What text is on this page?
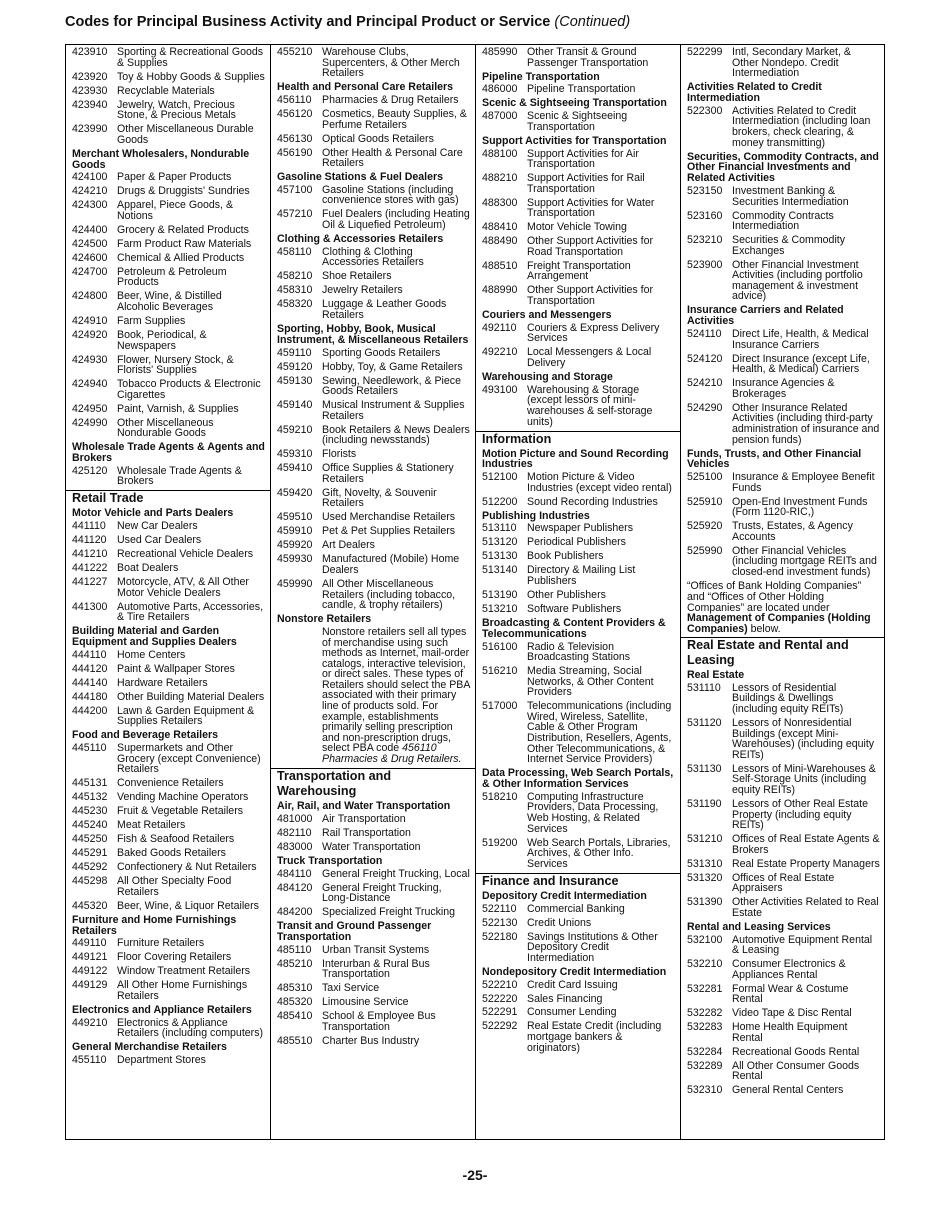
Codes for Principal Business Activity and Principal Product or Service (Continued)
423910 Sporting & Recreational Goods & Supplies
423920 Toy & Hobby Goods & Supplies
423930 Recyclable Materials
423940 Jewelry, Watch, Precious Stone, & Precious Metals
423990 Other Miscellaneous Durable Goods
Merchant Wholesalers, Nondurable Goods
424100 Paper & Paper Products
424210 Drugs & Druggists' Sundries
424300 Apparel, Piece Goods, & Notions
424400 Grocery & Related Products
424500 Farm Product Raw Materials
424600 Chemical & Allied Products
424700 Petroleum & Petroleum Products
424800 Beer, Wine, & Distilled Alcoholic Beverages
424910 Farm Supplies
424920 Book, Periodical, & Newspapers
424930 Flower, Nursery Stock, & Florists' Supplies
424940 Tobacco Products & Electronic Cigarettes
424950 Paint, Varnish, & Supplies
424990 Other Miscellaneous Nondurable Goods
Wholesale Trade Agents & Agents and Brokers
425120 Wholesale Trade Agents & Brokers
Retail Trade
Motor Vehicle and Parts Dealers
441110	New Car Dealers
441120 Used Car Dealers
441210 Recreational Vehicle Dealers
441222 Boat Dealers
441227 Motorcycle, ATV, & All Other Motor Vehicle Dealers
441300 Automotive Parts, Accessories, & Tire Retailers
Building Material and Garden Equipment and Supplies Dealers
444110 Home Centers
444120 Paint & Wallpaper Stores
444140 Hardware Retailers
444180 Other Building Material Dealers
444200 Lawn & Garden Equipment & Supplies Retailers
Food and Beverage Retailers
445110 Supermarkets and Other Grocery (except Convenience) Retailers
445131 Convenience Retailers
445132 Vending Machine Operators
445230 Fruit & Vegetable Retailers
445240 Meat Retailers
445250 Fish & Seafood Retailers
445291 Baked Goods Retailers
445292 Confectionery & Nut Retailers
445298 All Other Specialty Food Retailers
445320 Beer, Wine, & Liquor Retailers
Furniture and Home Furnishings Retailers
449110 Furniture Retailers
449121 Floor Covering Retailers
449122 Window Treatment Retailers
449129 All Other Home Furnishings Retailers
Electronics and Appliance Retailers
449210 Electronics & Appliance Retailers (including computers)
General Merchandise Retailers
455110 Department Stores
455210 Warehouse Clubs, Supercenters, & Other Merch Retailers
Health and Personal Care Retailers
456110 Pharmacies & Drug Retailers
456120 Cosmetics, Beauty Supplies, & Perfume Retailers
456130 Optical Goods Retailers
456190 Other Health & Personal Care Retailers
Gasoline Stations & Fuel Dealers
457100 Gasoline Stations (including convenience stores with gas)
457210 Fuel Dealers (including Heating Oil & Liquefied Petroleum)
Clothing & Accessories Retailers
458110 Clothing & Clothing Accessories Retailers
458210 Shoe Retailers
458310 Jewelry Retailers
458320 Luggage & Leather Goods Retailers
Sporting, Hobby, Book, Musical Instrument, & Miscellaneous Retailers
459110 Sporting Goods Retailers
459120 Hobby, Toy, & Game Retailers
459130 Sewing, Needlework, & Piece Goods Retailers
459140 Musical Instrument & Supplies Retailers
459210 Book Retailers & News Dealers (including newsstands)
459310 Florists
459410 Office Supplies & Stationery Retailers
459420 Gift, Novelty, & Souvenir Retailers
459510 Used Merchandise Retailers
459910 Pet & Pet Supplies Retailers
459920 Art Dealers
459930 Manufactured (Mobile) Home Dealers
459990 All Other Miscellaneous Retailers (including tobacco, candle, & trophy retailers)
Nonstore Retailers
Nonstore retailers sell all types of merchandise using such methods as Internet, mail-order catalogs, interactive television, or direct sales. These types of Retailers should select the PBA associated with their primary line of products sold. For example, establishments primarily selling prescription and non-prescription drugs, select PBA code 456110 Pharmacies & Drug Retailers.
Transportation and Warehousing
Air, Rail, and Water Transportation
481000 Air Transportation
482110 Rail Transportation
483000 Water Transportation
Truck Transportation
484110 General Freight Trucking, Local
484120 General Freight Trucking, Long-Distance
484200 Specialized Freight Trucking
Transit and Ground Passenger Transportation
485110 Urban Transit Systems
485210 Interurban & Rural Bus Transportation
485310 Taxi Service
485320 Limousine Service
485410 School & Employee Bus Transportation
485510 Charter Bus Industry
485990 Other Transit & Ground Passenger Transportation
Pipeline Transportation
486000 Pipeline Transportation
Scenic & Sightseeing Transportation
487000 Scenic & Sightseeing Transportation
Support Activities for Transportation
488100 Support Activities for Air Transportation
488210 Support Activities for Rail Transportation
488300 Support Activities for Water Transportation
488410 Motor Vehicle Towing
488490 Other Support Activities for Road Transportation
488510 Freight Transportation Arrangement
488990 Other Support Activities for Transportation
Couriers and Messengers
492110 Couriers & Express Delivery Services
492210 Local Messengers & Local Delivery
Warehousing and Storage
493100 Warehousing & Storage (except lessors of mini-warehouses & self-storage units)
Information
Motion Picture and Sound Recording Industries
512100 Motion Picture & Video Industries (except video rental)
512200 Sound Recording Industries
Publishing Industries
513110 Newspaper Publishers
513120 Periodical Publishers
513130 Book Publishers
513140 Directory & Mailing List Publishers
513190 Other Publishers
513210 Software Publishers
Broadcasting & Content Providers & Telecommunications
516100 Radio & Television Broadcasting Stations
516210 Media Streaming, Social Networks, & Other Content Providers
517000 Telecommunications (including Wired, Wireless, Satellite, Cable & Other Program Distribution, Resellers, Agents, Other Telecommunications, & Internet Service Providers)
Data Processing, Web Search Portals, & Other Information Services
518210 Computing Infrastructure Providers, Data Processing, Web Hosting, & Related Services
519200 Web Search Portals, Libraries, Archives, & Other Info. Services
Finance and Insurance
Depository Credit Intermediation
522110 Commercial Banking
522130 Credit Unions
522180 Savings Institutions & Other Depository Credit Intermediation
Nondepository Credit Intermediation
522210 Credit Card Issuing
522220 Sales Financing
522291 Consumer Lending
522292 Real Estate Credit (including mortgage bankers & originators)
522299 Intl, Secondary Market, & Other Nondepo. Credit Intermediation
Activities Related to Credit Intermediation
522300 Activities Related to Credit Intermediation (including loan brokers, check clearing, & money transmitting)
Securities, Commodity Contracts, and Other Financial Investments and Related Activities
523150 Investment Banking & Securities Intermediation
523160 Commodity Contracts Intermediation
523210 Securities & Commodity Exchanges
523900 Other Financial Investment Activities (including portfolio management & investment advice)
Insurance Carriers and Related Activities
524110 Direct Life, Health, & Medical Insurance Carriers
524120 Direct Insurance (except Life, Health, & Medical) Carriers
524210 Insurance Agencies & Brokerages
524290 Other Insurance Related Activities (including third-party administration of insurance and pension funds)
Funds, Trusts, and Other Financial Vehicles
525100 Insurance & Employee Benefit Funds
525910 Open-End Investment Funds (Form 1120-RIC,)
525920 Trusts, Estates, & Agency Accounts
525990 Other Financial Vehicles (including mortgage REITs and closed-end investment funds)
“Offices of Bank Holding Companies” and “Offices of Other Holding Companies” are located under Management of Companies (Holding Companies) below.
Real Estate and Rental and Leasing
Real Estate
531110	Lessors of Residential Buildings & Dwellings (including equity REITs)
531120 Lessors of Nonresidential Buildings (except Mini-Warehouses) (including equity REITs)
531130 Lessors of Mini-Warehouses & Self-Storage Units (including equity REITs)
531190 Lessors of Other Real Estate Property (including equity REITs)
531210 Offices of Real Estate Agents & Brokers
531310 Real Estate Property Managers
531320 Offices of Real Estate Appraisers
531390 Other Activities Related to Real Estate
Rental and Leasing Services
532100 Automotive Equipment Rental & Leasing
532210 Consumer Electronics & Appliances Rental
532281 Formal Wear & Costume Rental
532282 Video Tape & Disc Rental
532283 Home Health Equipment Rental
532284 Recreational Goods Rental
532289 All Other Consumer Goods Rental
532310 General Rental Centers
-25-
